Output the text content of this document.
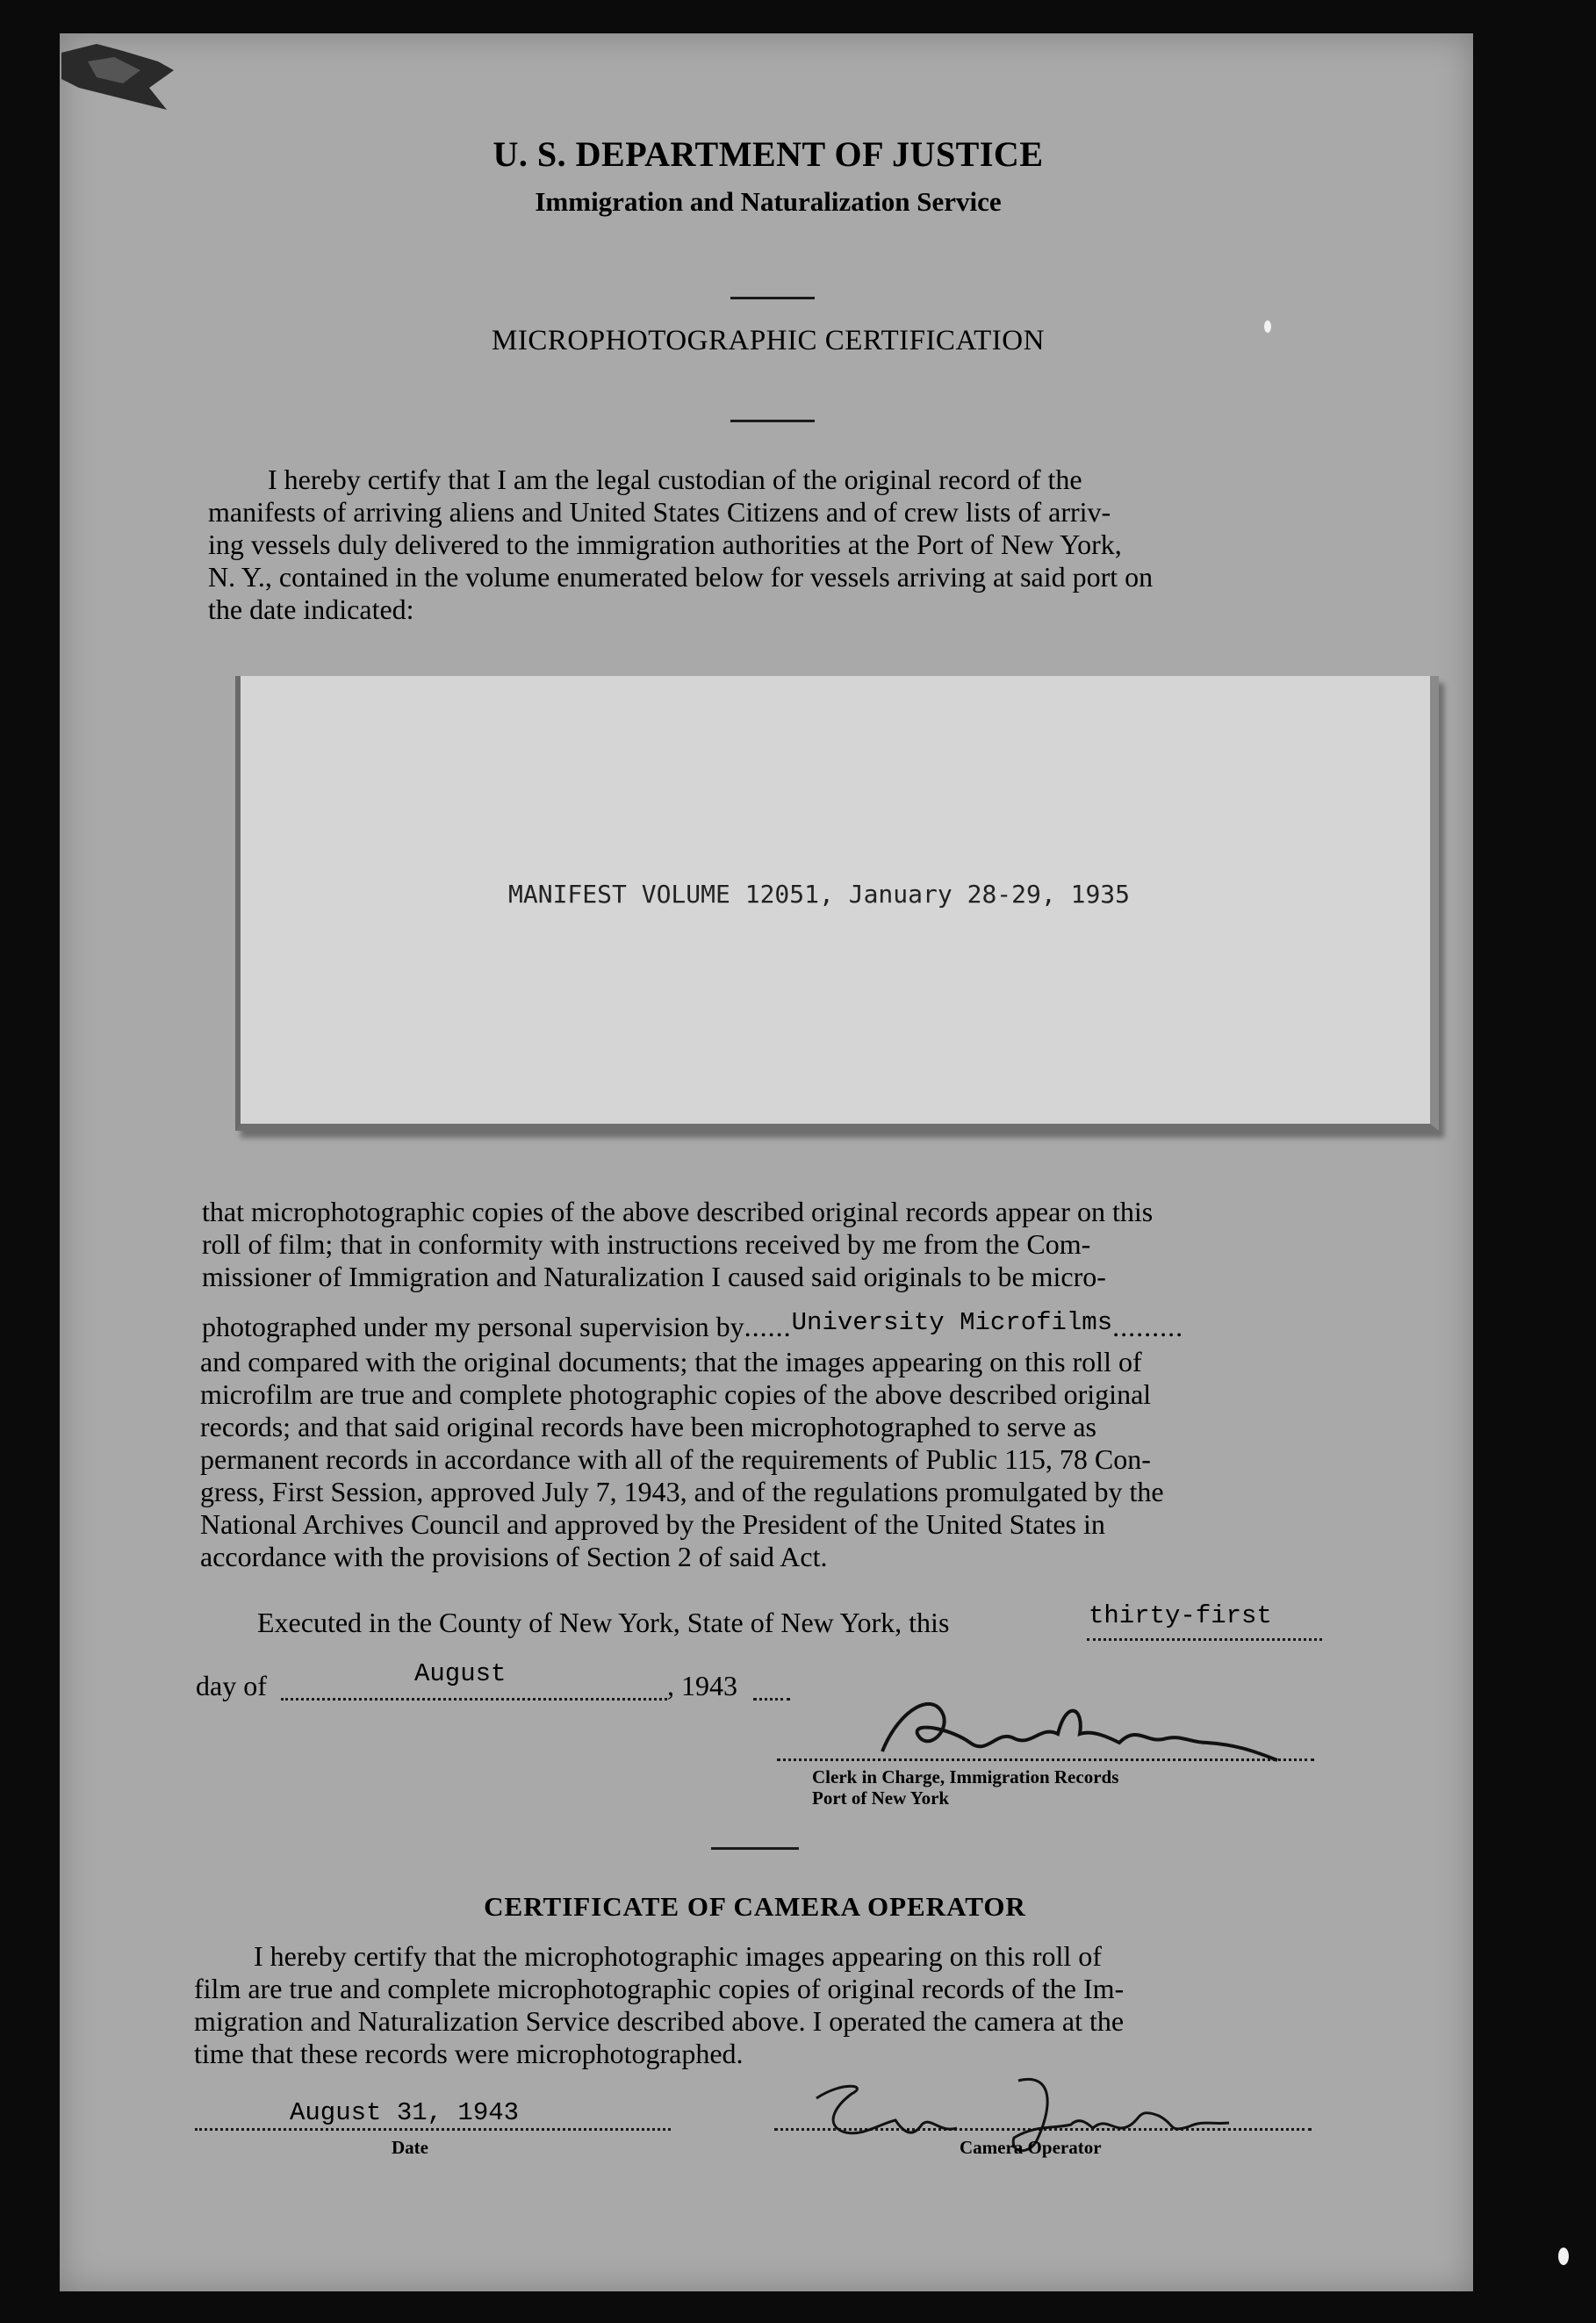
U. S. DEPARTMENT OF JUSTICE
Immigration and Naturalization Service
MICROPHOTOGRAPHIC CERTIFICATION
I hereby certify that I am the legal custodian of the original record of the
manifests of arriving aliens and United States Citizens and of crew lists of arriv-
ing vessels duly delivered to the immigration authorities at the Port of New York,
N. Y., contained in the volume enumerated below for vessels arriving at said port on
the date indicated:
MANIFEST VOLUME 12051, January 28-29, 1935
that microphotographic copies of the above described original records appear on this
roll of film; that in conformity with instructions received by me from the Com-
missioner of Immigration and Naturalization I caused said originals to be micro-
photographed under my personal supervision by......University Microfilms.........
and compared with the original documents; that the images appearing on this roll of
microfilm are true and complete photographic copies of the above described original
records; and that said original records have been microphotographed to serve as
permanent records in accordance with all of the requirements of Public 115, 78 Con-
gress, First Session, approved July 7, 1943, and of the regulations promulgated by the
National Archives Council and approved by the President of the United States in
accordance with the provisions of Section 2 of said Act.
Executed in the County of New York, State of New York, this	thirty-first
day of	August	, 1943
Clerk in Charge, Immigration Records
Port of New York
CERTIFICATE OF CAMERA OPERATOR
I hereby certify that the microphotographic images appearing on this roll of
film are true and complete microphotographic copies of original records of the Im-
migration and Naturalization Service described above. I operated the camera at the
time that these records were microphotographed.
August 31, 1943
Date	Camera Operator
